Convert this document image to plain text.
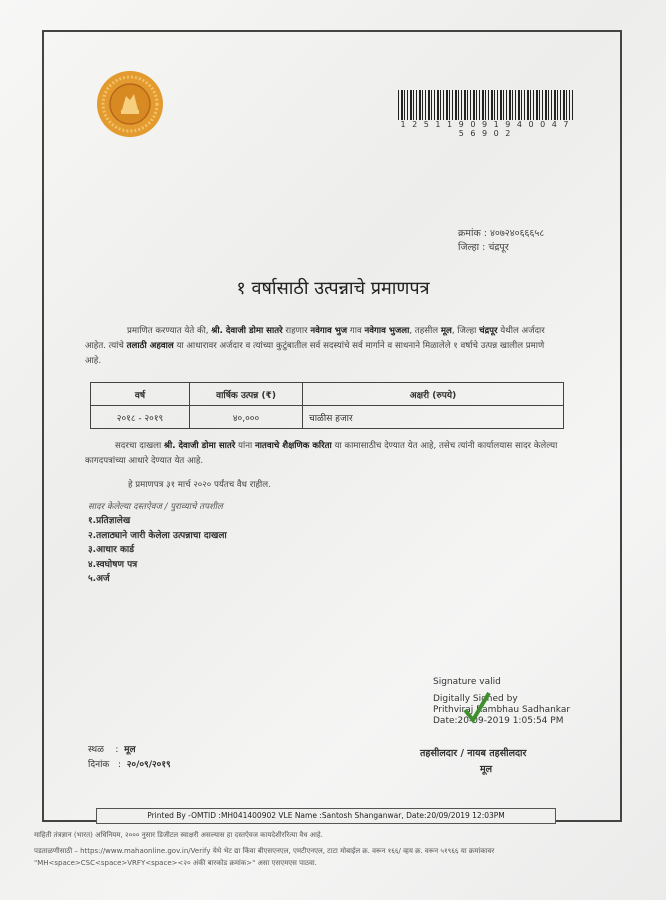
1 2 5 1 1 9 0 9 1 9 4 0 0 4 7 5 6 9 0 2
क्रमांक : ४०७२४०६६६५८
जिल्हा : चंद्रपूर
१ वर्षासाठी उत्पन्नाचे प्रमाणपत्र
प्रमाणित करण्यात येते की, श्री. देवाजी डोमा सातरे राहणार नवेगाव भुज गाव नवेगाव भुजला, तहसील मूल, जिल्हा चंद्रपूर येथील अर्जदार आहेत. त्यांचे तलाठी अहवाल या आधारावर अर्जदार व त्यांच्या कुटुंबातील सर्व सदस्यांचे सर्व मार्गाने व साधनाने मिळालेले १ वर्षाचे उत्पन्न खालील प्रमाणे आहे.
वर्ष	वार्षिक उत्पन्न (₹)	अक्षरी (रुपये)
२०१८ - २०१९	४०,०००	चाळीस हजार
सदरचा दाखला श्री. देवाजी डोमा सातरे यांना नातवाचे शैक्षणिक करिता या कामासाठीच देण्यात येत आहे, तसेच त्यांनी कार्यालयास सादर केलेल्या कागदपत्रांच्या आधारे देण्यात येत आहे.
हे प्रमाणपत्र ३१ मार्च २०२० पर्यंतच वैध राहील.
सादर केलेल्या दस्तऐवज / पुराव्याचे तपशील
१.प्रतिज्ञालेख
२.तलाठ्याने जारी केलेला उत्पन्नाचा दाखला
३.आधार कार्ड
४.स्वघोषण पत्र
५.अर्ज
Signature valid
Digitally Signed by
Prithviraj Rambhau Sadhankar
Date:20-09-2019 1:05:54 PM
स्थळ    :  मूल
दिनांक   :  २०/०९/२०१९
तहसीलदार / नायब तहसीलदार
मूल
Printed By -OMTID :MH041400902 VLE Name :Santosh Shanganwar, Date:20/09/2019 12:03PM
माहिती तंत्रज्ञान (भारत) अधिनियम, २००० नुसार डिजीटल स्वाक्षरी असल्यास हा दस्तऐवज कायदेशीररित्या वैध आहे.
पडताळणीसाठी – https://www.mahaonline.gov.in/Verify येथे भेट द्या किंवा बीएसएनएल, एमटीएनएल, टाटा मोबाईल क्र. वरून १६६/ व्हय क्र. वरून ५१९६६ या क्रमांकावर
"MH<space>CSC<space>VRFY<space><२० अंकी बारकोड क्रमांक>" असा एसएमएस पाठवा.
